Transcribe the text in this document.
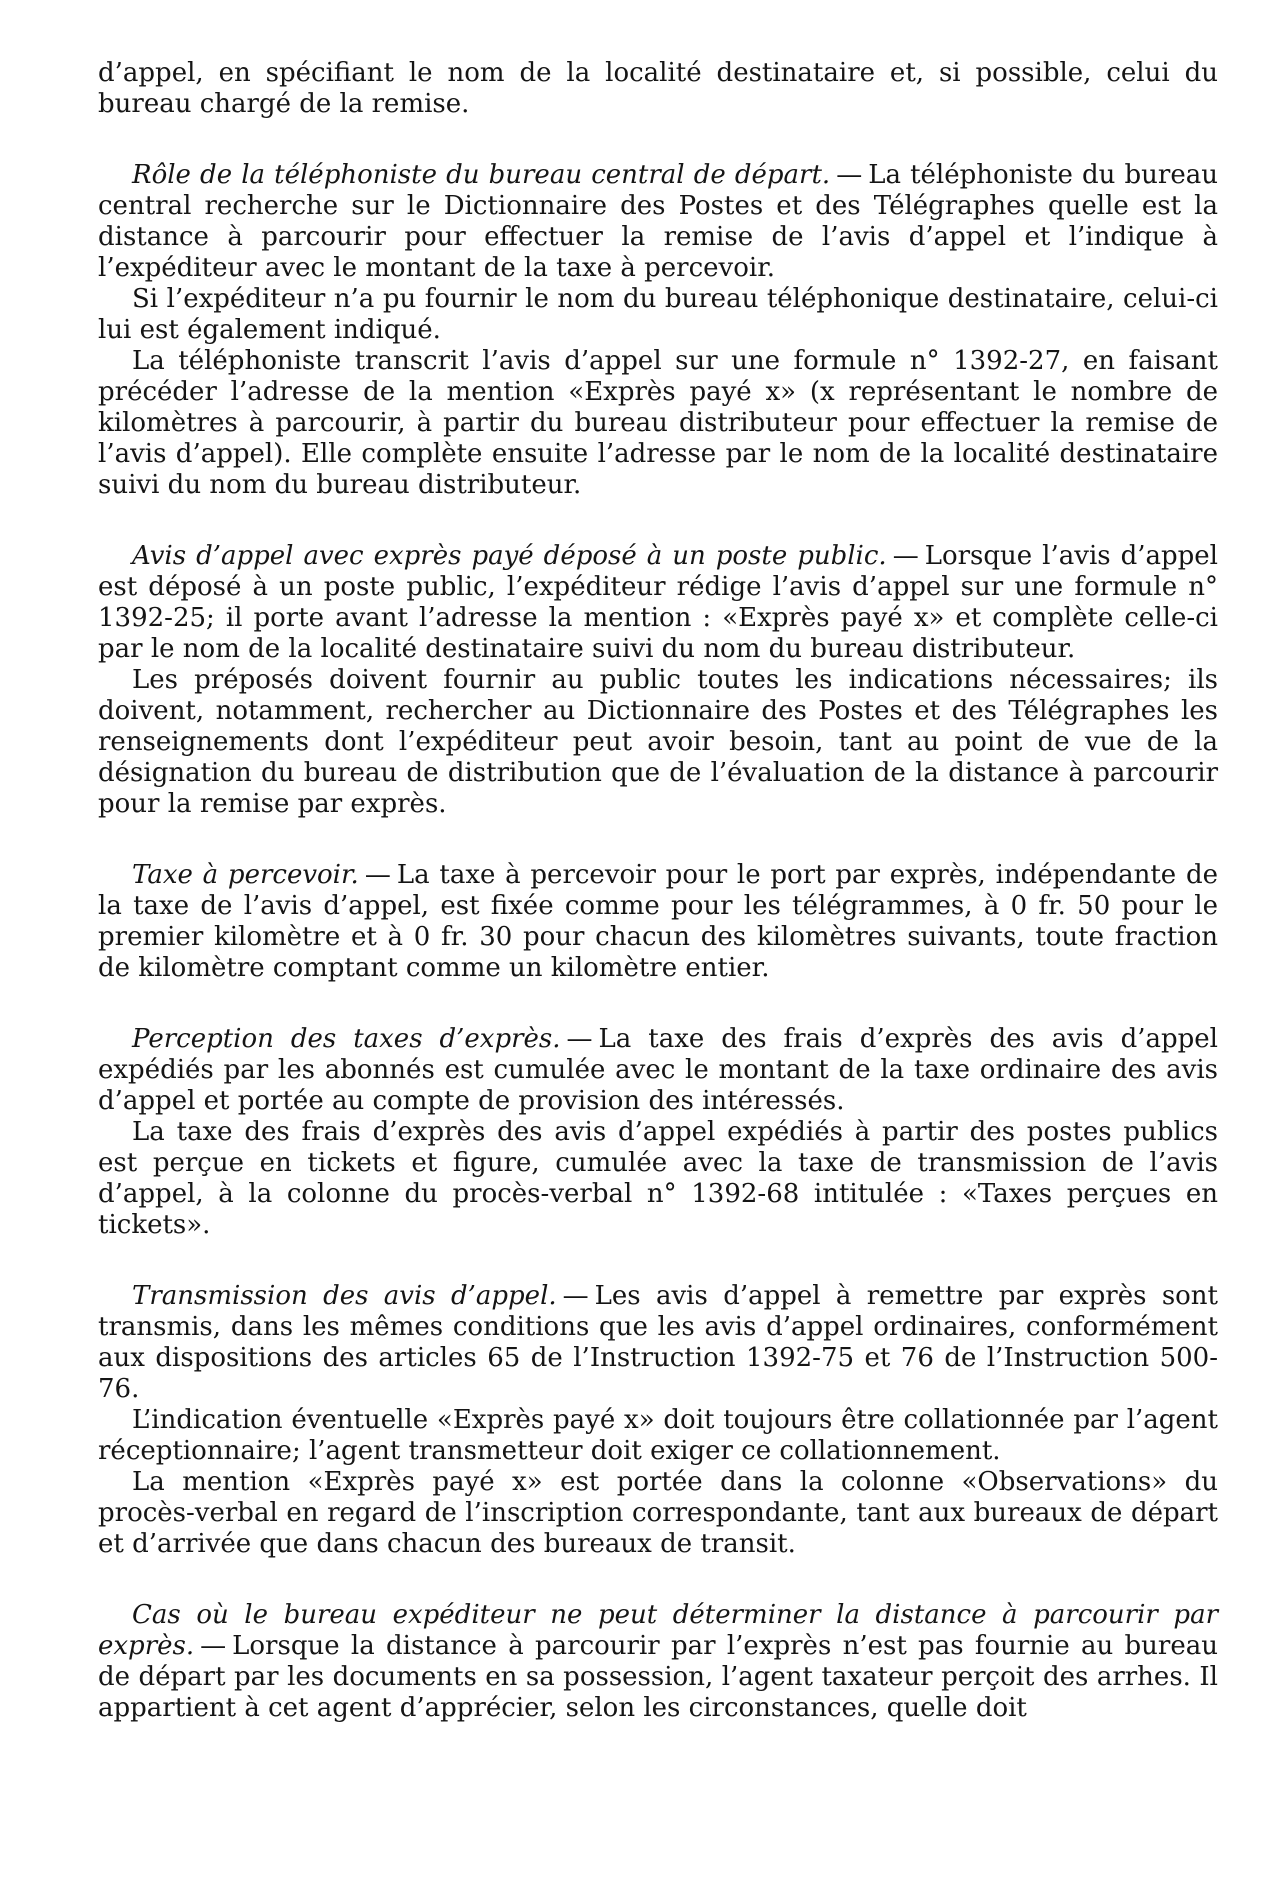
d’appel, en spécifiant le nom de la localité destinataire et, si possible, celui du bureau chargé de la remise.

Rôle de la téléphoniste du bureau central de départ. — La téléphoniste du bureau central recherche sur le Dictionnaire des Postes et des Télégraphes quelle est la distance à parcourir pour effectuer la remise de l’avis d’appel et l’indique à l’expéditeur avec le montant de la taxe à percevoir.

Si l’expéditeur n’a pu fournir le nom du bureau téléphonique destinataire, celui-ci lui est également indiqué.

La téléphoniste transcrit l’avis d’appel sur une formule n° 1392-27, en faisant précéder l’adresse de la mention «Exprès payé x» (x représentant le nombre de kilomètres à parcourir, à partir du bureau distributeur pour effectuer la remise de l’avis d’appel). Elle complète ensuite l’adresse par le nom de la localité destinataire suivi du nom du bureau distributeur.

Avis d’appel avec exprès payé déposé à un poste public. — Lorsque l’avis d’appel est déposé à un poste public, l’expéditeur rédige l’avis d’appel sur une formule n° 1392-25; il porte avant l’adresse la mention : «Exprès payé x» et complète celle-ci par le nom de la localité destinataire suivi du nom du bureau distributeur.

Les préposés doivent fournir au public toutes les indications nécessaires; ils doivent, notamment, rechercher au Dictionnaire des Postes et des Télégraphes les renseignements dont l’expéditeur peut avoir besoin, tant au point de vue de la désignation du bureau de distribution que de l’évaluation de la distance à parcourir pour la remise par exprès.

Taxe à percevoir. — La taxe à percevoir pour le port par exprès, indépendante de la taxe de l’avis d’appel, est fixée comme pour les télégrammes, à 0 fr. 50 pour le premier kilomètre et à 0 fr. 30 pour chacun des kilomètres suivants, toute fraction de kilomètre comptant comme un kilomètre entier.

Perception des taxes d’exprès. — La taxe des frais d’exprès des avis d’appel expédiés par les abonnés est cumulée avec le montant de la taxe ordinaire des avis d’appel et portée au compte de provision des intéressés.

La taxe des frais d’exprès des avis d’appel expédiés à partir des postes publics est perçue en tickets et figure, cumulée avec la taxe de transmission de l’avis d’appel, à la colonne du procès-verbal n° 1392-68 intitulée : «Taxes perçues en tickets».

Transmission des avis d’appel. — Les avis d’appel à remettre par exprès sont transmis, dans les mêmes conditions que les avis d’appel ordinaires, conformément aux dispositions des articles 65 de l’Instruction 1392-75 et 76 de l’Instruction 500-76.

L’indication éventuelle «Exprès payé x» doit toujours être collationnée par l’agent réceptionnaire; l’agent transmetteur doit exiger ce collationnement.

La mention «Exprès payé x» est portée dans la colonne «Observations» du procès-verbal en regard de l’inscription correspondante, tant aux bureaux de départ et d’arrivée que dans chacun des bureaux de transit.

Cas où le bureau expéditeur ne peut déterminer la distance à parcourir par exprès. — Lorsque la distance à parcourir par l’exprès n’est pas fournie au bureau de départ par les documents en sa possession, l’agent taxateur perçoit des arrhes. Il appartient à cet agent d’apprécier, selon les circonstances, quelle doit
